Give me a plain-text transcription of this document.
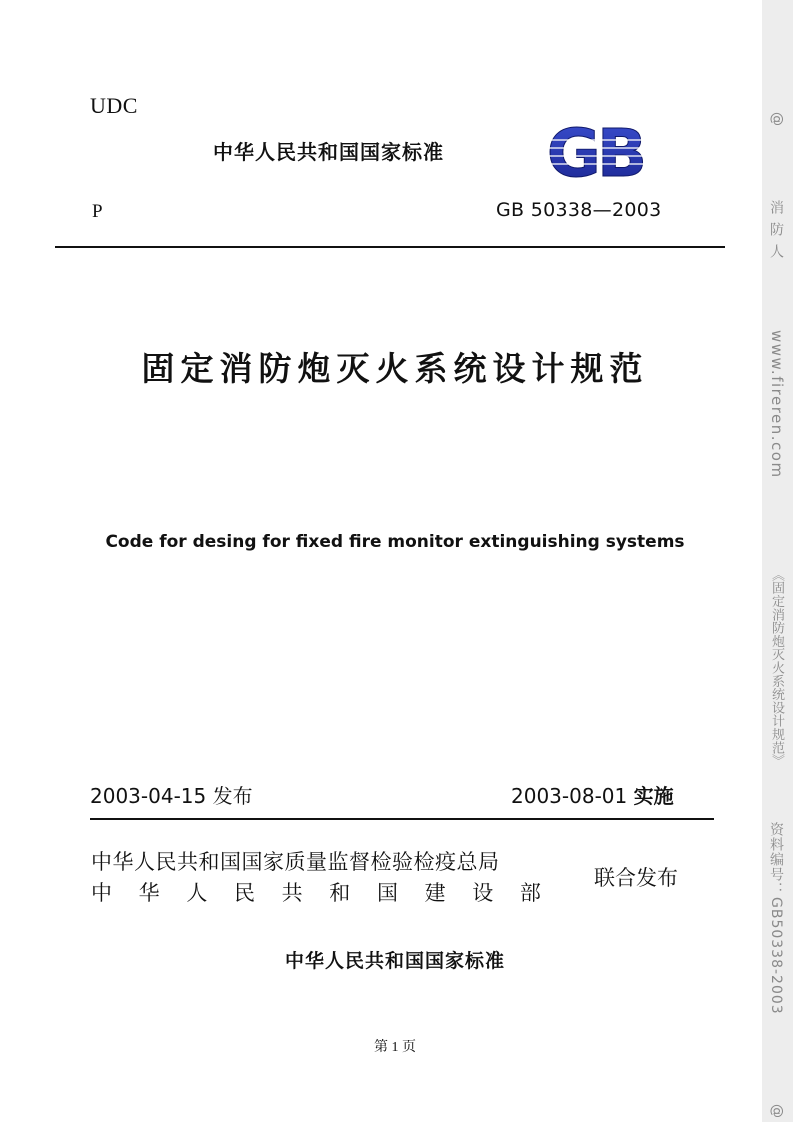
UDC
中华人民共和国国家标准 GB
P	GB 50338—2003
固定消防炮灭火系统设计规范
Code for desing for fixed fire monitor extinguishing systems
2003-04-15 发布	2003-08-01 实施
中华人民共和国国家质量监督检验检疫总局
中 华 人 民 共 和 国 建 设 部
联合发布
中华人民共和国国家标准
第 1 页
@
消防人
www.fireren.com
《固定消防炮灭火系统设计规范》
资料编号：GB50338-2003
@
